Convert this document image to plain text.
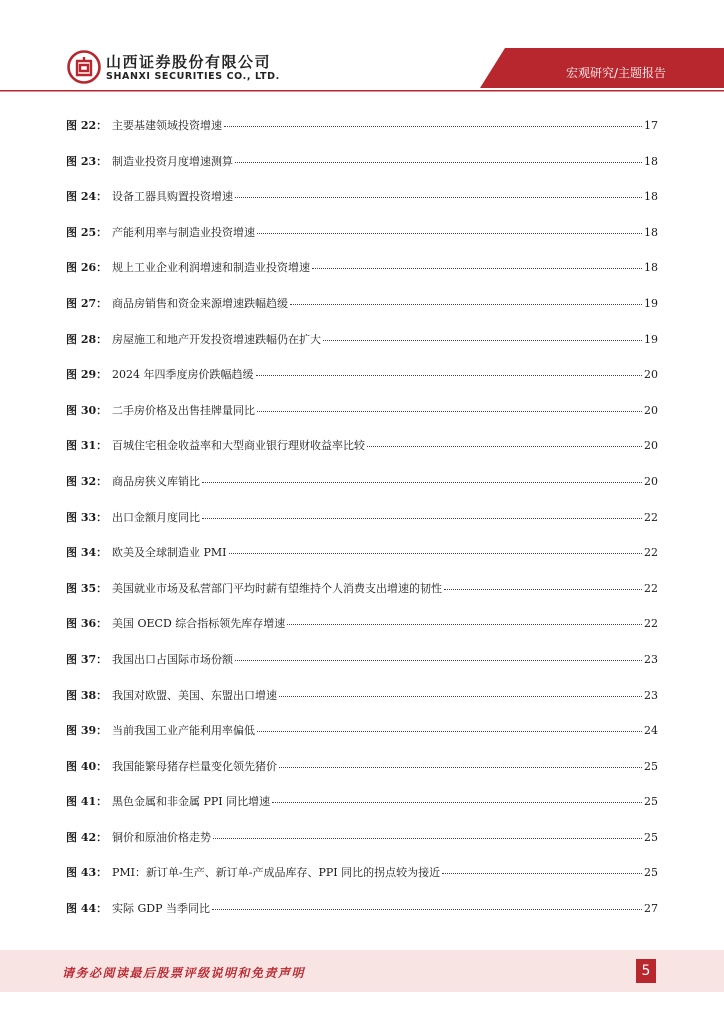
山西证券股份有限公司
SHANXI SECURITIES CO., LTD.	宏观研究/主题报告
图 22： 主要基建领域投资增速	17
图 23： 制造业投资月度增速测算	18
图 24： 设备工器具购置投资增速	18
图 25： 产能利用率与制造业投资增速	18
图 26： 规上工业企业利润增速和制造业投资增速	18
图 27： 商品房销售和资金来源增速跌幅趋缓	19
图 28： 房屋施工和地产开发投资增速跌幅仍在扩大	19
图 29： 2024 年四季度房价跌幅趋缓	20
图 30： 二手房价格及出售挂牌量同比	20
图 31： 百城住宅租金收益率和大型商业银行理财收益率比较	20
图 32： 商品房狭义库销比	20
图 33： 出口金额月度同比	22
图 34： 欧美及全球制造业 PMI	22
图 35： 美国就业市场及私营部门平均时薪有望维持个人消费支出增速的韧性	22
图 36： 美国 OECD 综合指标领先库存增速	22
图 37： 我国出口占国际市场份额	23
图 38： 我国对欧盟、美国、东盟出口增速	23
图 39： 当前我国工业产能利用率偏低	24
图 40： 我国能繁母猪存栏量变化领先猪价	25
图 41： 黑色金属和非金属 PPI 同比增速	25
图 42： 铜价和原油价格走势	25
图 43： PMI：新订单-生产、新订单-产成品库存、PPI 同比的拐点较为接近	25
图 44： 实际 GDP 当季同比	27
请务必阅读最后股票评级说明和免责声明	5
